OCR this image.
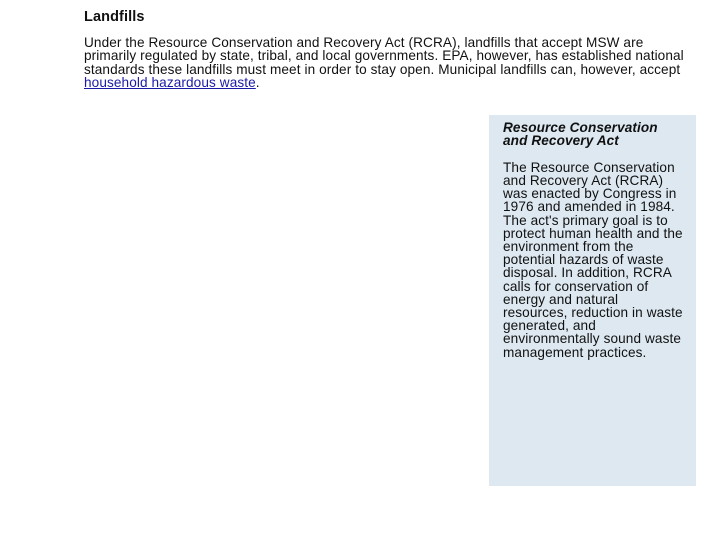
Landfills

Under the Resource Conservation and Recovery Act (RCRA), landfills that accept MSW are primarily regulated by state, tribal, and local governments. EPA, however, has established national standards these landfills must meet in order to stay open. Municipal landfills can, however, accept household hazardous waste.

Resource Conservation and Recovery Act

The Resource Conservation and Recovery Act (RCRA) was enacted by Congress in 1976 and amended in 1984. The act's primary goal is to protect human health and the environment from the potential hazards of waste disposal. In addition, RCRA calls for conservation of energy and natural resources, reduction in waste generated, and environmentally sound waste management practices.
